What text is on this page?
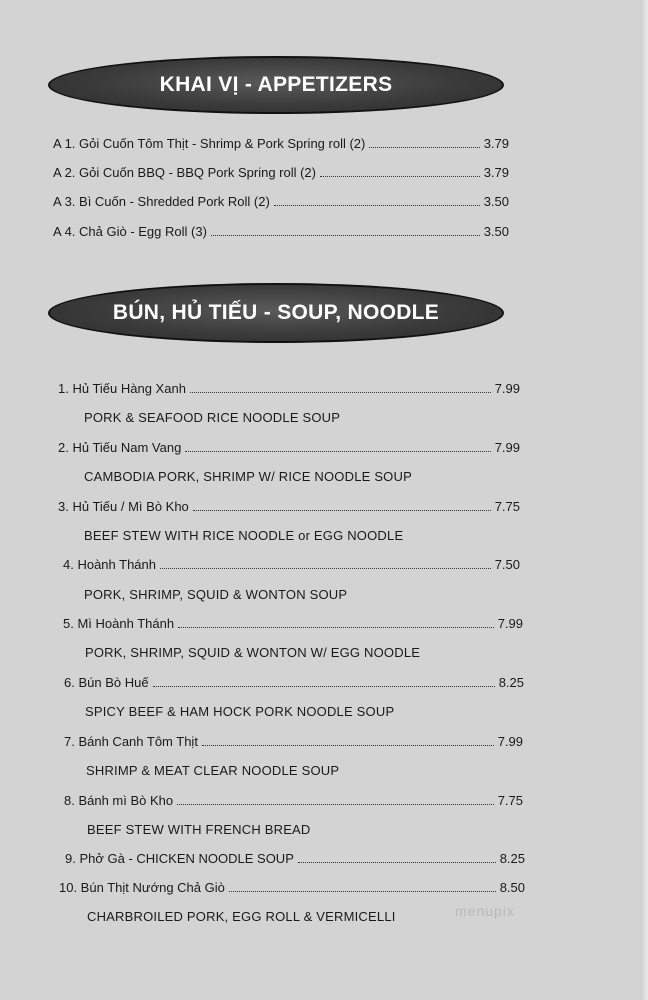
KHAI VỊ - APPETIZERS
A 1. Gỏi Cuốn Tôm Thịt - Shrimp & Pork Spring roll (2)	3.79
A 2. Gỏi Cuốn BBQ - BBQ Pork Spring roll (2)	3.79
A 3. Bì Cuốn - Shredded Pork Roll (2)	3.50
A 4. Chả Giò - Egg Roll (3)	3.50
BÚN, HỦ TIẾU - SOUP, NOODLE
1. Hủ Tiếu Hàng Xanh	7.99
PORK & SEAFOOD RICE NOODLE SOUP
2. Hủ Tiếu Nam Vang	7.99
CAMBODIA PORK, SHRIMP W/ RICE NOODLE SOUP
3. Hủ Tiếu / Mì Bò Kho	7.75
BEEF STEW WITH RICE NOODLE or EGG NOODLE
4. Hoành Thánh	7.50
PORK, SHRIMP, SQUID & WONTON SOUP
5. Mì Hoành Thánh	7.99
PORK, SHRIMP, SQUID & WONTON W/ EGG NOODLE
6. Bún Bò Huế	8.25
SPICY BEEF & HAM HOCK PORK NOODLE SOUP
7. Bánh Canh Tôm Thịt	7.99
SHRIMP & MEAT CLEAR NOODLE SOUP
8. Bánh mì Bò Kho	7.75
BEEF STEW WITH FRENCH BREAD
9. Phở Gà - CHICKEN NOODLE SOUP	8.25
10. Bún Thịt Nướng Chả Giò	8.50
CHARBROILED PORK, EGG ROLL & VERMICELLI	menupix
